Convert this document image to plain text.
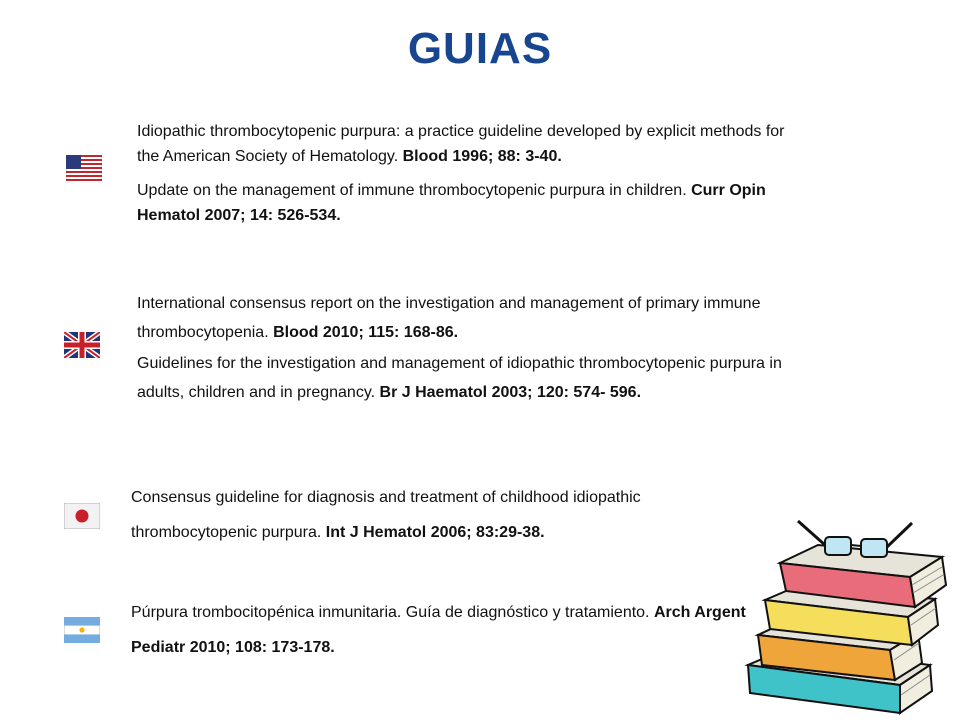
GUIAS

Idiopathic thrombocytopenic purpura: a practice guideline developed by explicit methods for the American Society of Hematology. Blood 1996; 88: 3-40.

Update on the management of immune thrombocytopenic purpura in children. Curr Opin Hematol 2007; 14: 526-534.

International consensus report on the investigation and management of primary immune thrombocytopenia. Blood 2010; 115: 168-86.

Guidelines for the investigation and management of idiopathic thrombocytopenic purpura in adults, children and in pregnancy. Br J Haematol 2003; 120: 574- 596.

Consensus guideline for diagnosis and treatment of childhood idiopathic thrombocytopenic purpura. Int J Hematol 2006; 83:29-38.

Púrpura trombocitopénica inmunitaria. Guía de diagnóstico y tratamiento. Arch Argent Pediatr 2010; 108: 173-178.
